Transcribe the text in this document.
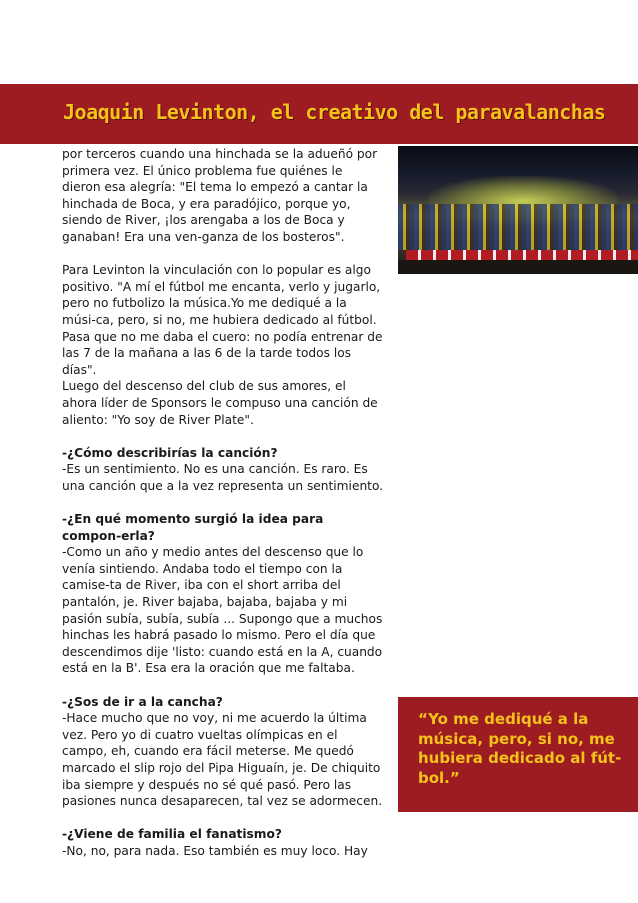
Joaquin Levinton, el creativo del paravalanchas

por terceros cuando una hinchada se la adueñó por primera vez. El único problema fue quiénes le dieron esa alegría: "El tema lo empezó a cantar la hinchada de Boca, y era paradójico, porque yo, siendo de River, ¡los arengaba a los de Boca y ganaban! Era una ven-ganza de los bosteros".

Para Levinton la vinculación con lo popular es algo positivo. "A mí el fútbol me encanta, verlo y jugarlo, pero no futbolizo la música.Yo me dediqué a la músi-ca, pero, si no, me hubiera dedicado al fútbol. Pasa que no me daba el cuero: no podía entrenar de las 7 de la mañana a las 6 de la tarde todos los días".

Luego del descenso del club de sus amores, el ahora líder de Sponsors le compuso una canción de aliento: "Yo soy de River Plate".

-¿Cómo describirías la canción?

-Es un sentimiento. No es una canción. Es raro. Es una canción que a la vez representa un sentimiento.

-¿En qué momento surgió la idea para compon-erla?

-Como un año y medio antes del descenso que lo venía sintiendo. Andaba todo el tiempo con la camise-ta de River, iba con el short arriba del pantalón, je. River bajaba, bajaba, bajaba y mi pasión subía, subía, subía ... Supongo que a muchos hinchas les habrá pasado lo mismo. Pero el día que descendimos dije 'listo: cuando está en la A, cuando está en la B'. Esa era la oración que me faltaba.

-¿Sos de ir a la cancha?

-Hace mucho que no voy, ni me acuerdo la última vez. Pero yo di cuatro vueltas olímpicas en el campo, eh, cuando era fácil meterse. Me quedó marcado el slip rojo del Pipa Higuaín, je. De chiquito iba siempre y después no sé qué pasó. Pero las pasiones nunca desaparecen, tal vez se adormecen.

-¿Viene de familia el fanatismo?
-No, no, para nada. Eso también es muy loco. Hay
“Yo me dediqué a la música, pero, si no, me hubiera dedicado al fút-bol.”
